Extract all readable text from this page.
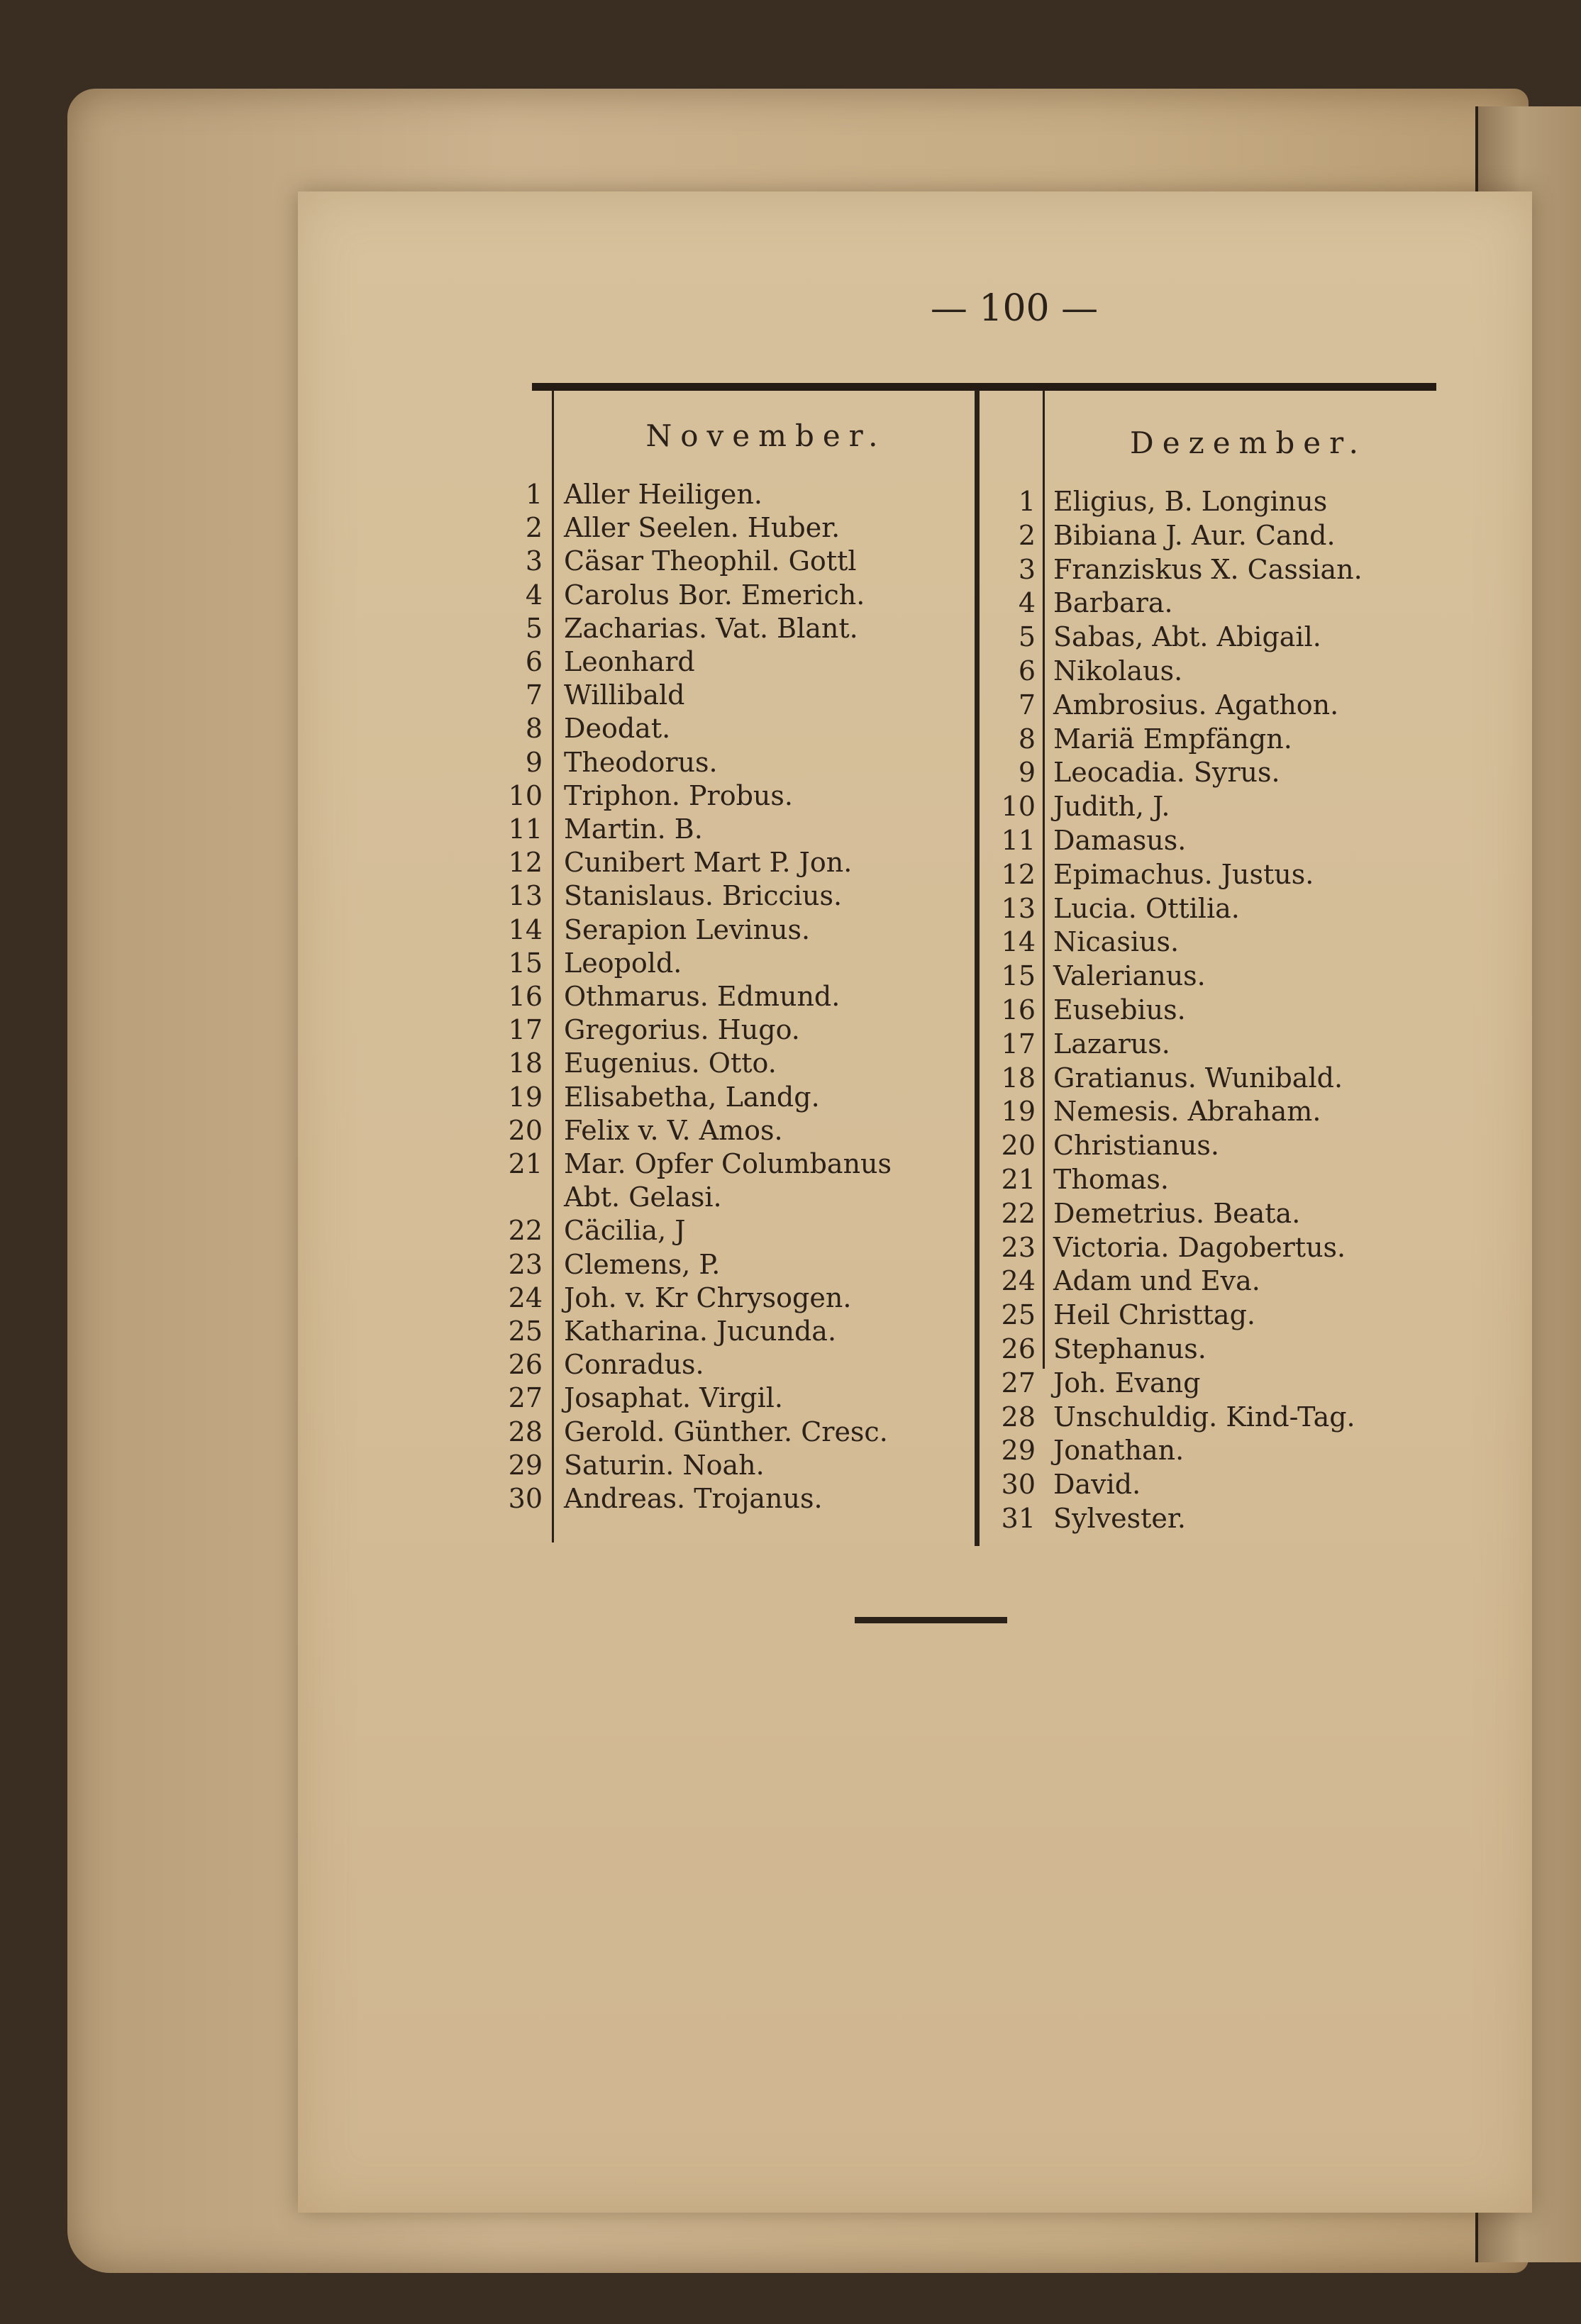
— 100 —
November.	Dezember.
1 Aller Heiligen.
2 Aller Seelen. Huber.
3 Cäsar Theophil. Gottl
4 Carolus Bor. Emerich.
5 Zacharias. Vat. Blant.
6 Leonhard
7 Willibald
8 Deodat.
9 Theodorus.
10 Triphon. Probus.
11 Martin. B.
12 Cunibert Mart P. Jon.
13 Stanislaus. Briccius.
14 Serapion Levinus.
15 Leopold.
16 Othmarus. Edmund.
17 Gregorius. Hugo.
18 Eugenius. Otto.
19 Elisabetha, Landg.
20 Felix v. V. Amos.
21 Mar. Opfer Columbanus
Abt. Gelasi.
22 Cäcilia, J
23 Clemens, P.
24 Joh. v. Kr Chrysogen.
25 Katharina. Jucunda.
26 Conradus.
27 Josaphat. Virgil.
28 Gerold. Günther. Cresc.
29 Saturin. Noah.
30 Andreas. Trojanus.
1 Eligius, B. Longinus
2 Bibiana J. Aur. Cand.
3 Franziskus X. Cassian.
4 Barbara.
5 Sabas, Abt. Abigail.
6 Nikolaus.
7 Ambrosius. Agathon.
8 Mariä Empfängn.
9 Leocadia. Syrus.
10 Judith, J.
11 Damasus.
12 Epimachus. Justus.
13 Lucia. Ottilia.
14 Nicasius.
15 Valerianus.
16 Eusebius.
17 Lazarus.
18 Gratianus. Wunibald.
19 Nemesis. Abraham.
20 Christianus.
21 Thomas.
22 Demetrius. Beata.
23 Victoria. Dagobertus.
24 Adam und Eva.
25 Heil Christtag.
26 Stephanus.
27 Joh. Evang
28 Unschuldig. Kind-Tag.
29 Jonathan.
30 David.
31 Sylvester.
